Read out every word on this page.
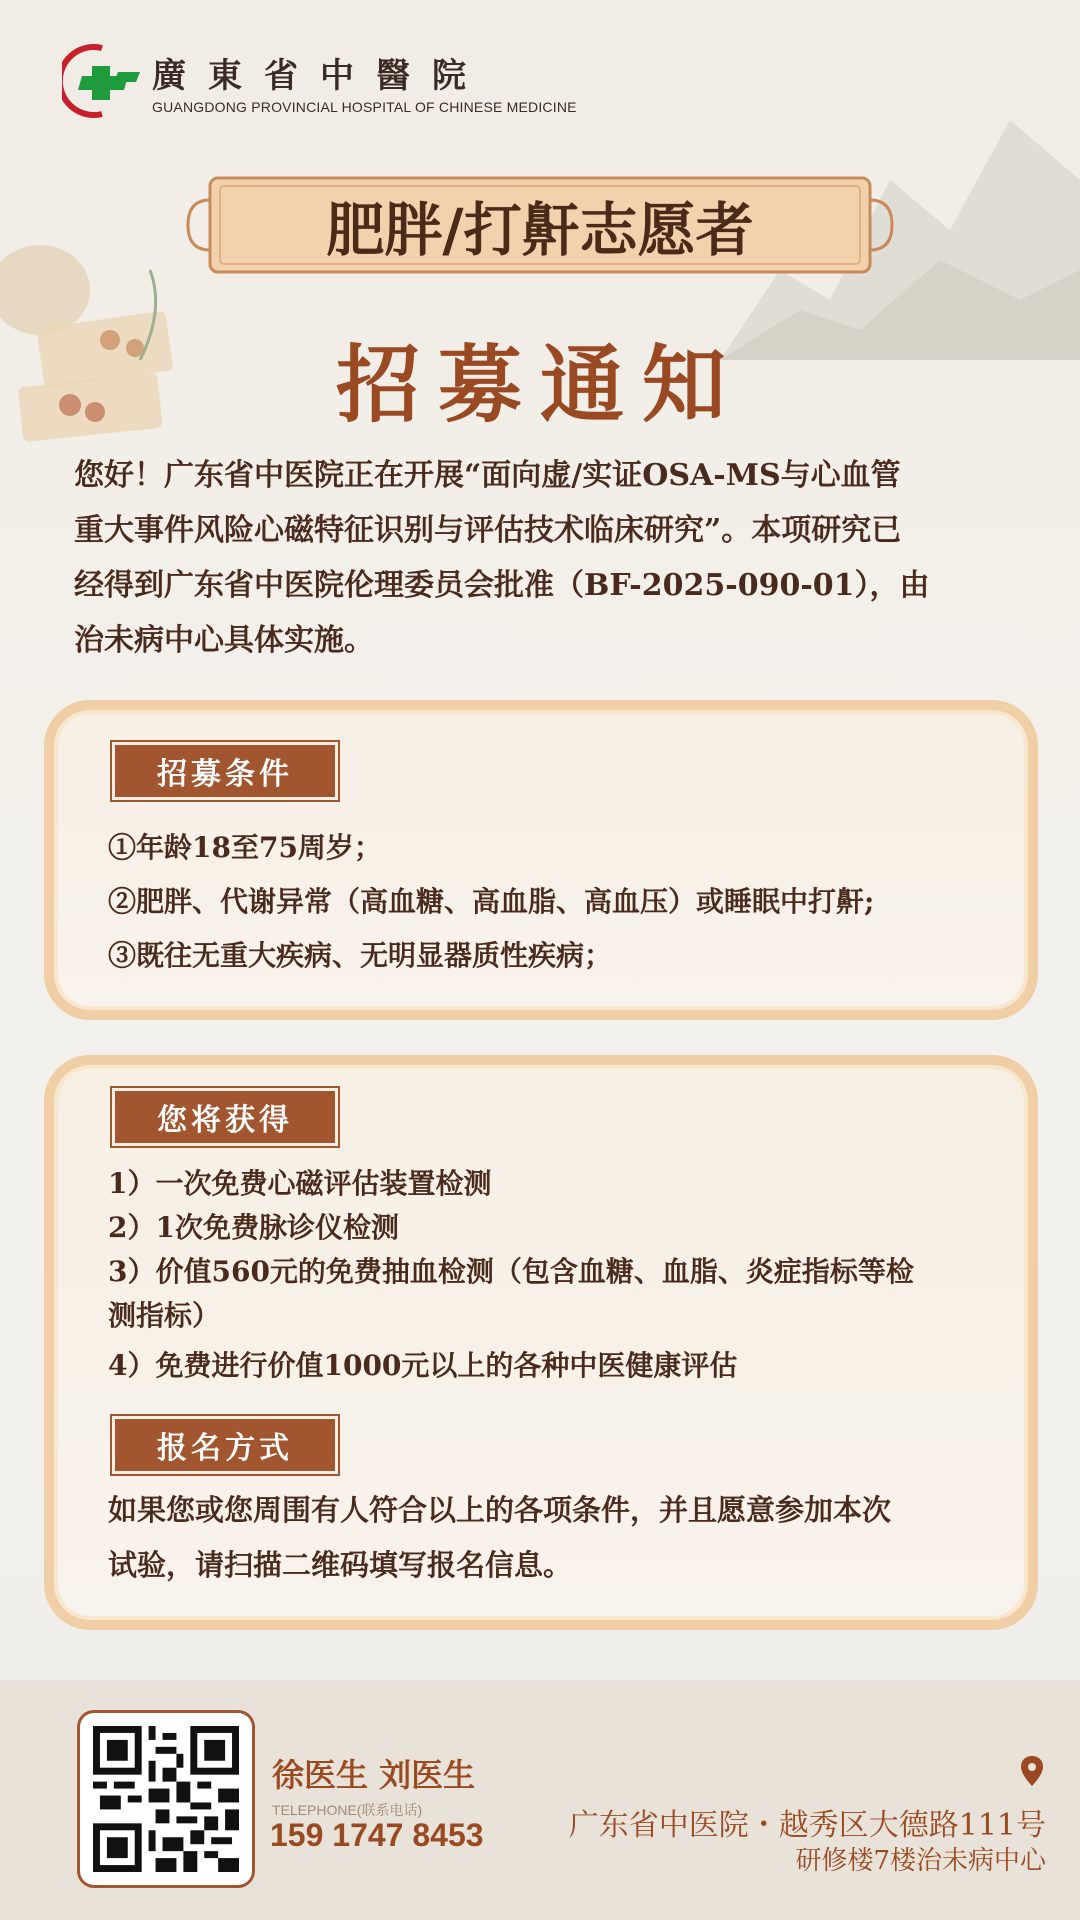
廣東省中醫院
GUANGDONG PROVINCIAL HOSPITAL OF CHINESE MEDICINE
肥胖/打鼾志愿者
招募通知
您好！广东省中医院正在开展“面向虚/实证OSA-MS与心血管
重大事件风险心磁特征识别与评估技术临床研究”。本项研究已
经得到广东省中医院伦理委员会批准（BF-2025-090-01），由
治未病中心具体实施。
招募条件
①年龄18至75周岁；
②肥胖、代谢异常（高血糖、高血脂、高血压）或睡眠中打鼾;
③既往无重大疾病、无明显器质性疾病；
您将获得
1）一次免费心磁评估装置检测
2）1次免费脉诊仪检测
3）价值560元的免费抽血检测（包含血糖、血脂、炎症指标等检
测指标）
4）免费进行价值1000元以上的各种中医健康评估
报名方式
如果您或您周围有人符合以上的各项条件，并且愿意参加本次
试验，请扫描二维码填写报名信息。
徐医生 刘医生
TELEPHONE(联系电话)
159 1747 8453	广东省中医院・越秀区大德路111号
研修楼7楼治未病中心
